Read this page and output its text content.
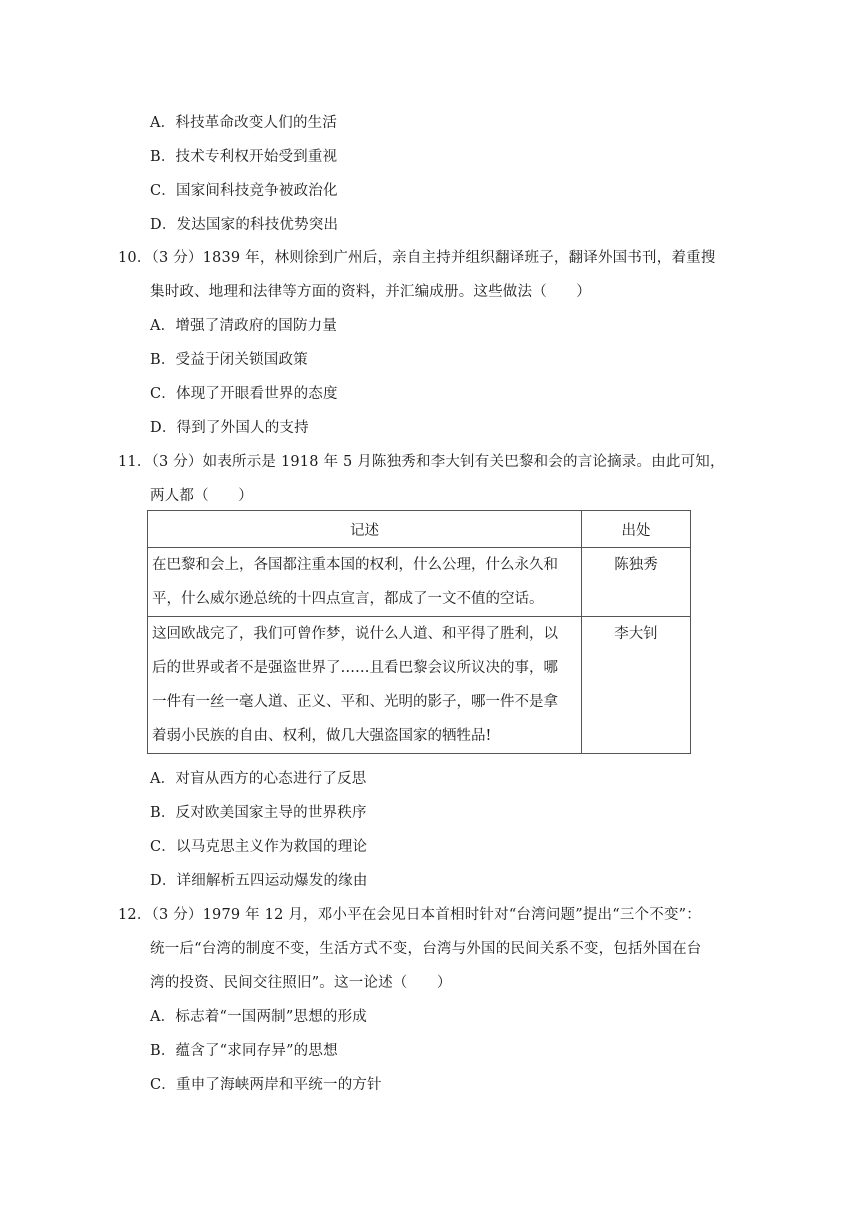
A．科技革命改变人们的生活
B．技术专利权开始受到重视
C．国家间科技竞争被政治化
D．发达国家的科技优势突出
10．（3 分）1839 年，林则徐到广州后，亲自主持并组织翻译班子，翻译外国书刊，着重搜
集时政、地理和法律等方面的资料，并汇编成册。这些做法（　　）
A．增强了清政府的国防力量
B．受益于闭关锁国政策
C．体现了开眼看世界的态度
D．得到了外国人的支持
11．（3 分）如表所示是 1918 年 5 月陈独秀和李大钊有关巴黎和会的言论摘录。由此可知，
两人都（　　）
记述	出处

在巴黎和会上，各国都注重本国的权利，什么公理，什么永久和
平，什么威尔逊总统的十四点宣言，都成了一文不值的空话。	陈独秀

这回欧战完了，我们可曾作梦，说什么人道、和平得了胜利，以
后的世界或者不是强盗世界了……且看巴黎会议所议决的事，哪
一件有一丝一毫人道、正义、平和、光明的影子，哪一件不是拿
着弱小民族的自由、权利，做几大强盗国家的牺牲品!	李大钊
A．对盲从西方的心态进行了反思
B．反对欧美国家主导的世界秩序
C．以马克思主义作为救国的理论
D．详细解析五四运动爆发的缘由
12．（3 分）1979 年 12 月，邓小平在会见日本首相时针对“台湾问题”提出“三个不变”：
统一后“台湾的制度不变，生活方式不变，台湾与外国的民间关系不变，包括外国在台
湾的投资、民间交往照旧”。这一论述（　　）
A．标志着“一国两制”思想的形成
B．蕴含了“求同存异”的思想
C．重申了海峡两岸和平统一的方针
